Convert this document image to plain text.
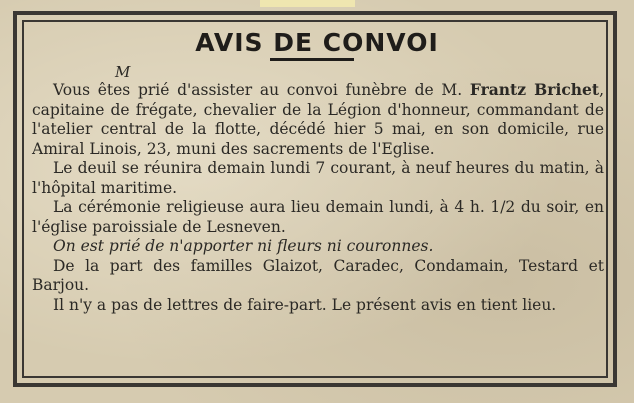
AVIS DE CONVOI
M

Vous êtes prié d'assister au convoi funèbre de M. Frantz Brichet, capitaine de frégate, chevalier de la Légion d'honneur, commandant de l'atelier central de la flotte, décédé hier 5 mai, en son domicile, rue Amiral Linois, 23, muni des sacrements de l'Eglise.

Le deuil se réunira demain lundi 7 courant, à neuf heures du matin, à l'hôpital maritime.

La cérémonie religieuse aura lieu demain lundi, à 4 h. 1/2 du soir, en l'église paroissiale de Lesneven.

On est prié de n'apporter ni fleurs ni couronnes.

De la part des familles Glaizot, Caradec, Condamain, Testard et Barjou.

Il n'y a pas de lettres de faire-part. Le présent avis en tient lieu.
